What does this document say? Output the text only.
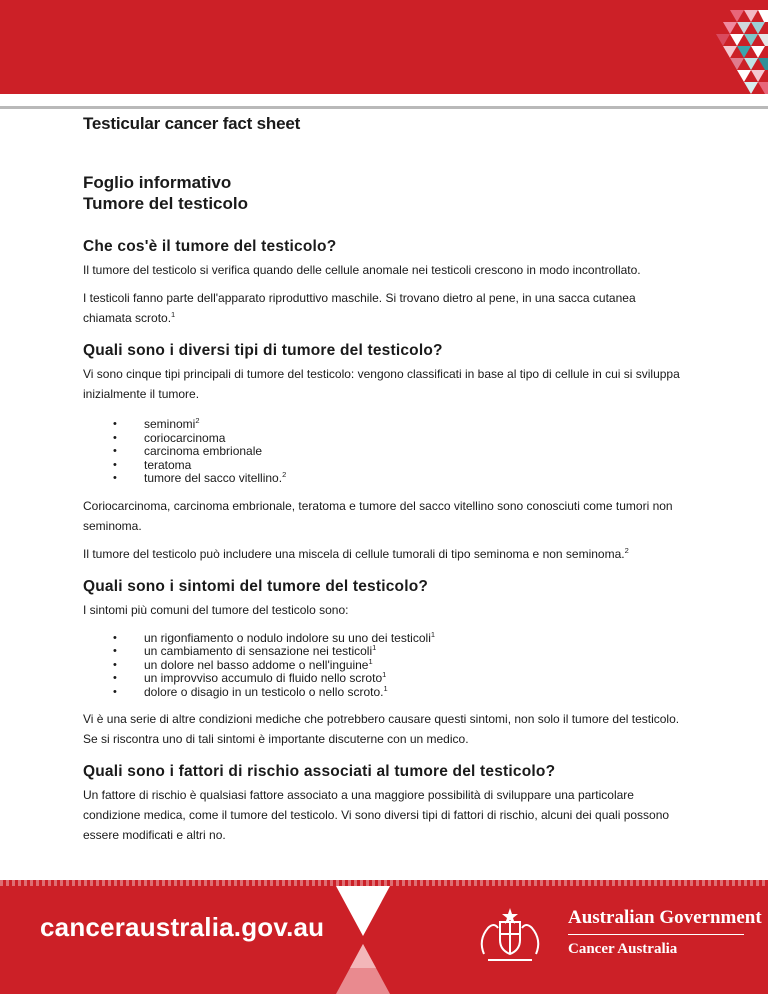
Testicular cancer fact sheet
Foglio informativo
Tumore del testicolo
Che cos'è il tumore del testicolo?

Il tumore del testicolo si verifica quando delle cellule anomale nei testicoli crescono in modo incontrollato.

I testicoli fanno parte dell'apparato riproduttivo maschile. Si trovano dietro al pene, in una sacca cutanea chiamata scroto.$^1$

Quali sono i diversi tipi di tumore del testicolo?

Vi sono cinque tipi principali di tumore del testicolo: vengono classificati in base al tipo di cellule in cui si sviluppa inizialmente il tumore.

• seminomi$^2$
• coriocarcinoma
• carcinoma embrionale
• teratoma
• tumore del sacco vitellino.$^2$

Coriocarcinoma, carcinoma embrionale, teratoma e tumore del sacco vitellino sono conosciuti come tumori non seminoma.

Il tumore del testicolo può includere una miscela di cellule tumorali di tipo seminoma e non seminoma.$^2$

Quali sono i sintomi del tumore del testicolo?

I sintomi più comuni del tumore del testicolo sono:

• un rigonfiamento o nodulo indolore su uno dei testicoli$^1$
• un cambiamento di sensazione nei testicoli$^1$
• un dolore nel basso addome o nell'inguine$^1$
• un improvviso accumulo di fluido nello scroto$^1$
• dolore o disagio in un testicolo o nello scroto.$^1$

Vi è una serie di altre condizioni mediche che potrebbero causare questi sintomi, non solo il tumore del testicolo. Se si riscontra uno di tali sintomi è importante discuterne con un medico.

Quali sono i fattori di rischio associati al tumore del testicolo?

Un fattore di rischio è qualsiasi fattore associato a una maggiore possibilità di sviluppare una particolare condizione medica, come il tumore del testicolo. Vi sono diversi tipi di fattori di rischio, alcuni dei quali possono essere modificati e altri no.

canceraustralia.gov.au	Australian Government
Cancer Australia
